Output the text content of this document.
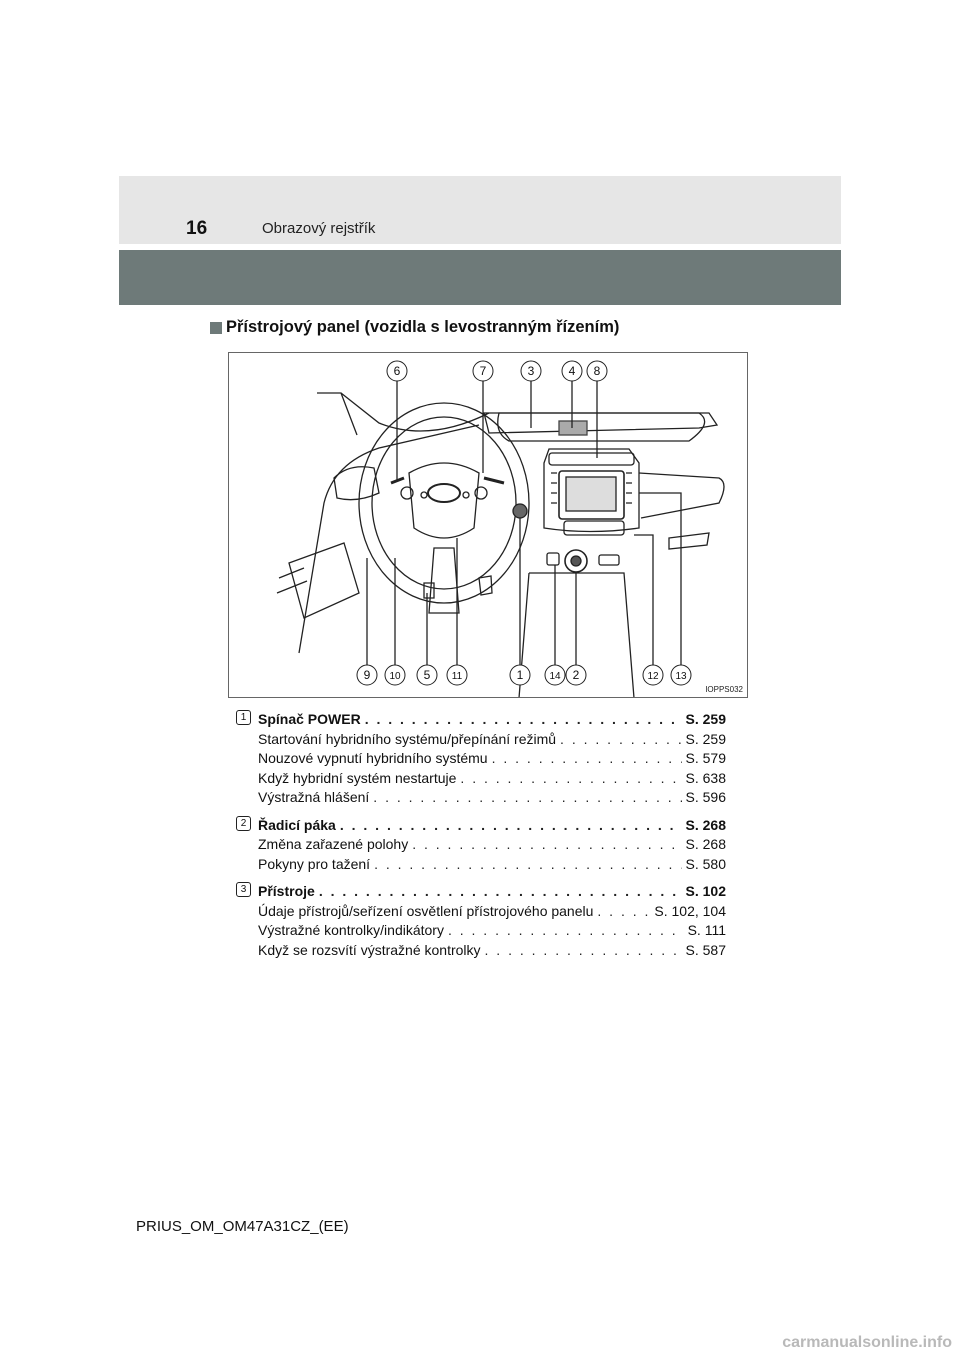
16	Obrazový rejstřík
Přístrojový panel (vozidla s levostranným řízením)
6	7	3	4 8
9 10 5 11	1	14 2	12 13
IOPPS032
1 Spínač POWER . . .	S. 259
Startování hybridního systému/přepínání režimů . . .	S. 259
Nouzové vypnutí hybridního systému . . .	S. 579
Když hybridní systém nestartuje . . .	S. 638
Výstražná hlášení . . .	S. 596
2 Řadicí páka . . .	S. 268
Změna zařazené polohy . . .	S. 268
Pokyny pro tažení . . .	S. 580
3 Přístroje . . .	S. 102
Údaje přístrojů/seřízení osvětlení přístrojového panelu . . .	S. 102, 104
Výstražné kontrolky/indikátory . . .	S. 111
Když se rozsvítí výstražné kontrolky . . .	S. 587
PRIUS_OM_OM47A31CZ_(EE)
carmanualsonline.info
